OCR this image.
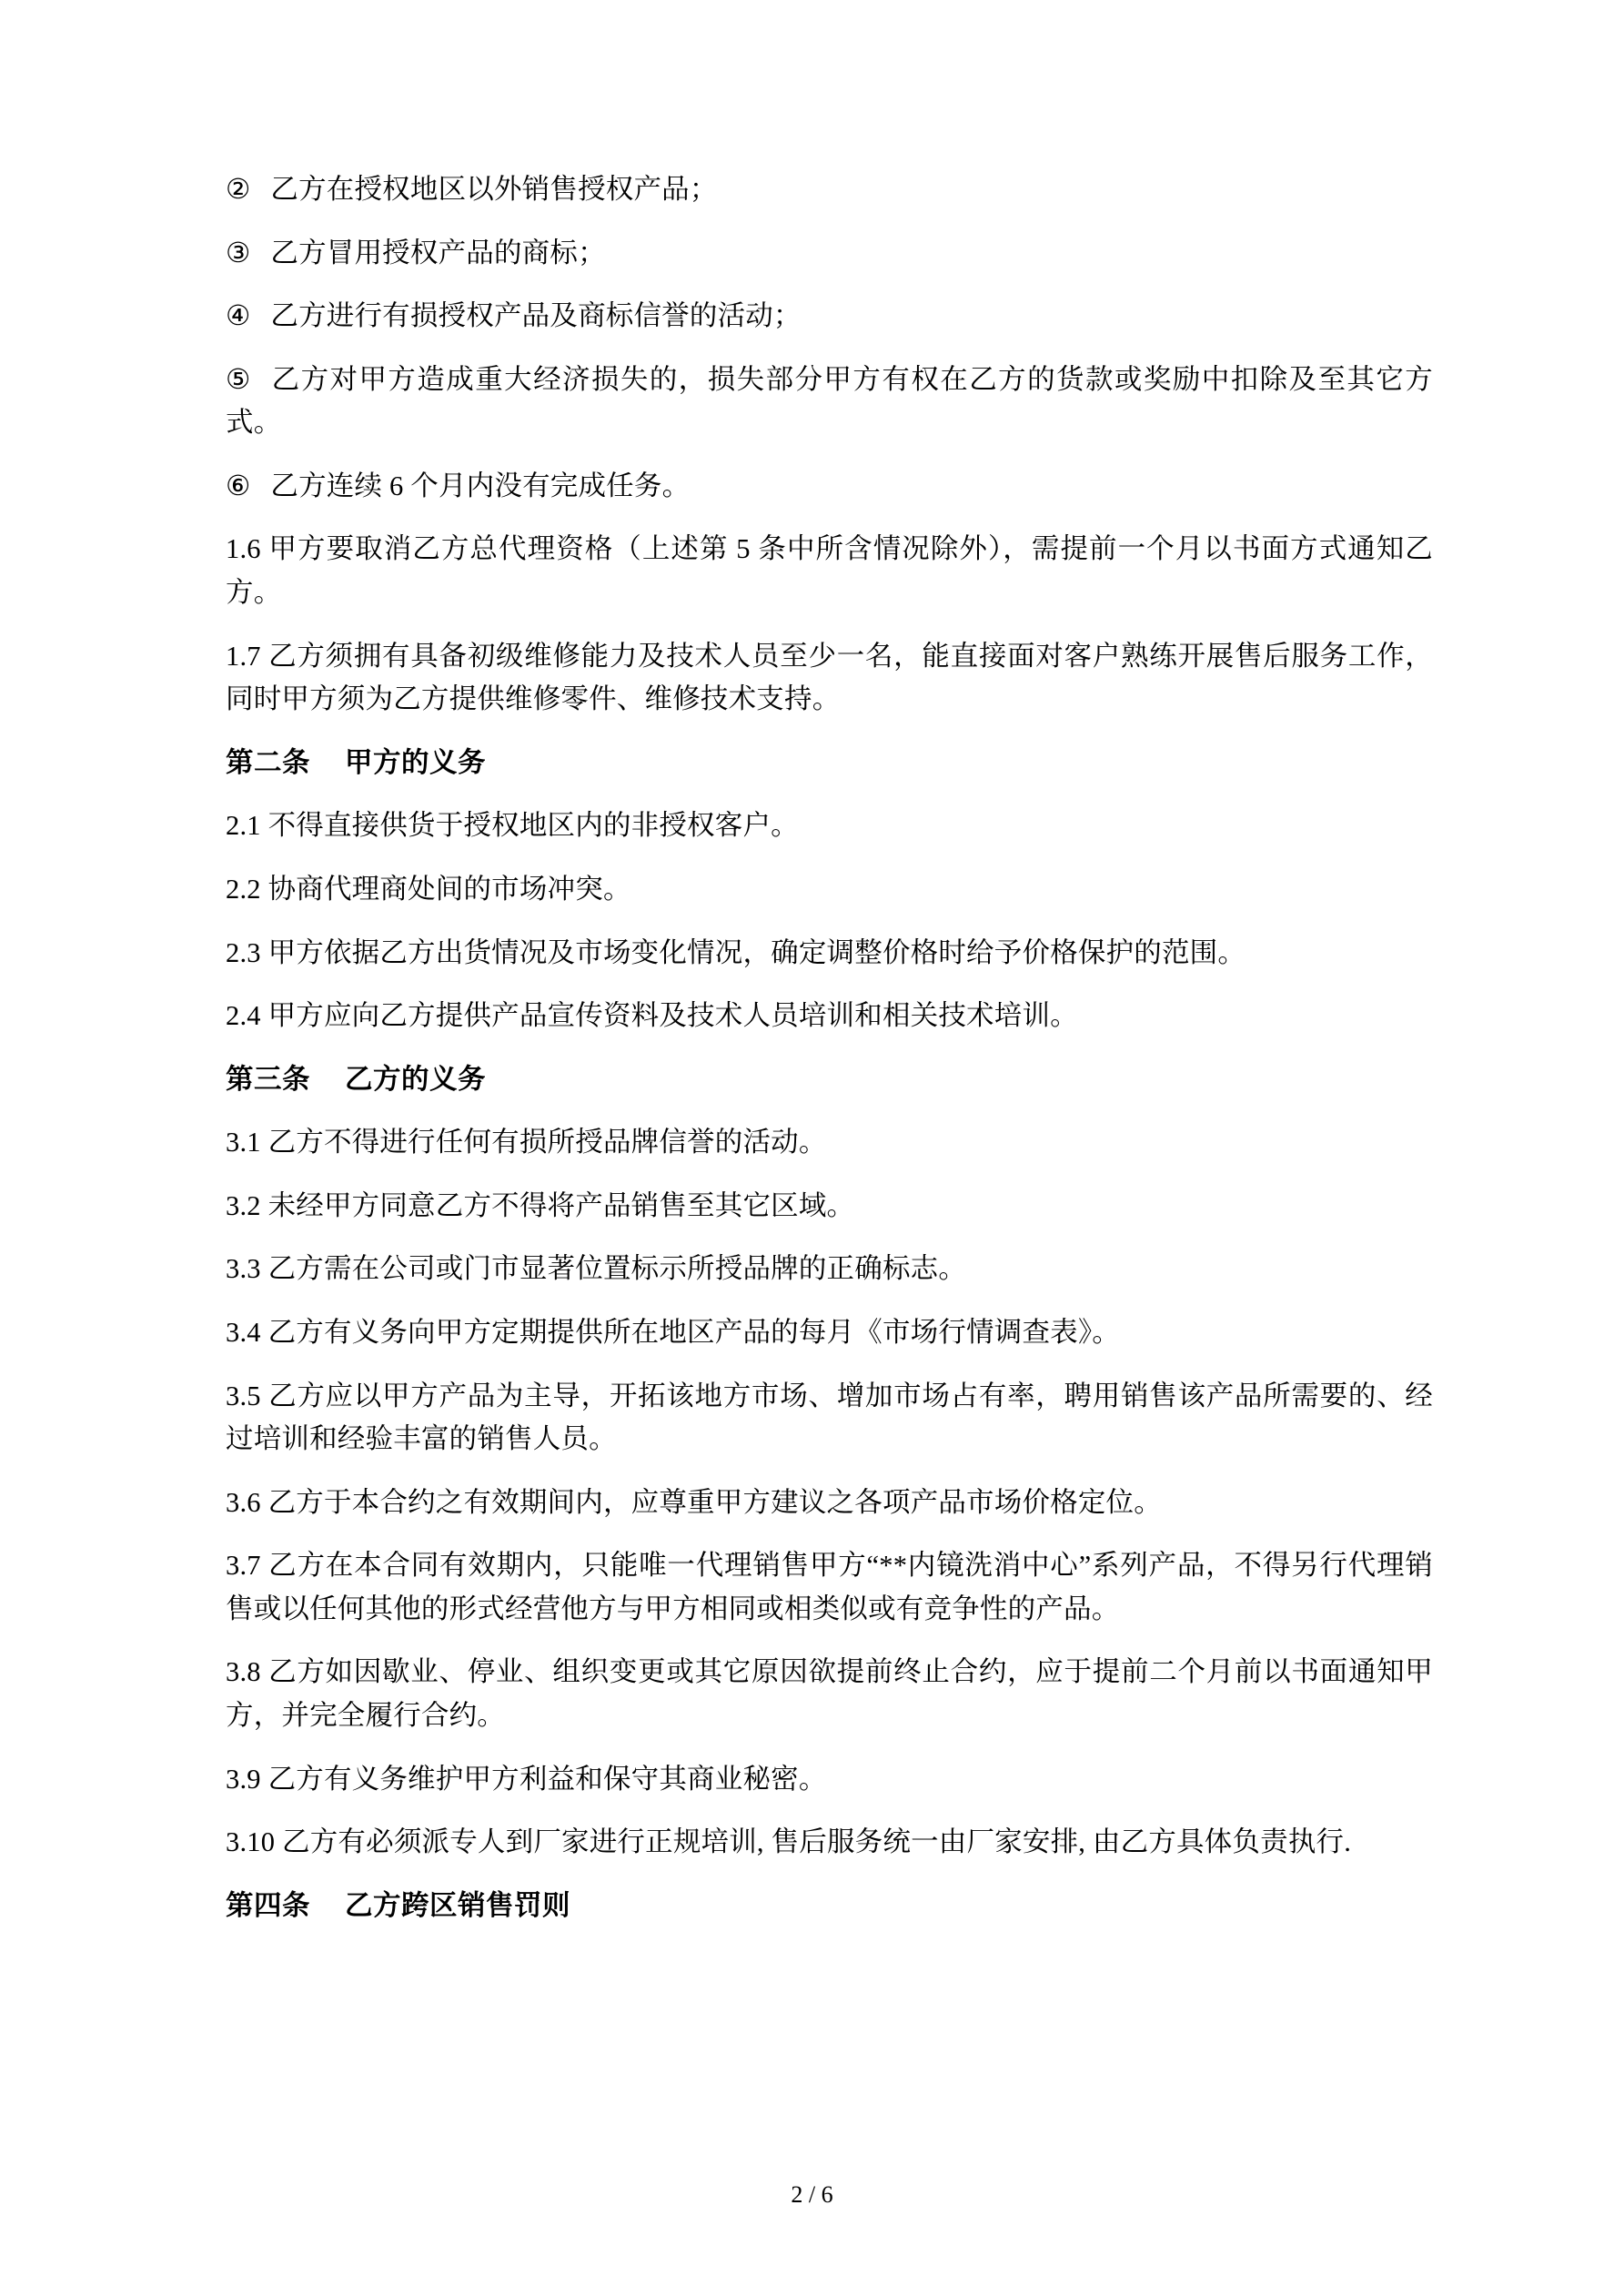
② 乙方在授权地区以外销售授权产品；

③ 乙方冒用授权产品的商标；

④ 乙方进行有损授权产品及商标信誉的活动；

⑤ 乙方对甲方造成重大经济损失的，损失部分甲方有权在乙方的货款或奖励中扣除及至其它方式。

⑥ 乙方连续 6 个月内没有完成任务。

1.6 甲方要取消乙方总代理资格（上述第 5 条中所含情况除外），需提前一个月以书面方式通知乙方。

1.7 乙方须拥有具备初级维修能力及技术人员至少一名，能直接面对客户熟练开展售后服务工作，同时甲方须为乙方提供维修零件、维修技术支持。

第二条 甲方的义务

2.1 不得直接供货于授权地区内的非授权客户。

2.2 协商代理商处间的市场冲突。

2.3 甲方依据乙方出货情况及市场变化情况，确定调整价格时给予价格保护的范围。

2.4 甲方应向乙方提供产品宣传资料及技术人员培训和相关技术培训。

第三条 乙方的义务

3.1 乙方不得进行任何有损所授品牌信誉的活动。

3.2 未经甲方同意乙方不得将产品销售至其它区域。

3.3 乙方需在公司或门市显著位置标示所授品牌的正确标志。

3.4 乙方有义务向甲方定期提供所在地区产品的每月《市场行情调查表》。

3.5 乙方应以甲方产品为主导，开拓该地方市场、增加市场占有率，聘用销售该产品所需要的、经过培训和经验丰富的销售人员。

3.6 乙方于本合约之有效期间内，应尊重甲方建议之各项产品市场价格定位。

3.7 乙方在本合同有效期内，只能唯一代理销售甲方“**内镜洗消中心”系列产品，不得另行代理销售或以任何其他的形式经营他方与甲方相同或相类似或有竞争性的产品。

3.8 乙方如因歇业、停业、组织变更或其它原因欲提前终止合约，应于提前二个月前以书面通知甲方，并完全履行合约。

3.9 乙方有义务维护甲方利益和保守其商业秘密。

3.10 乙方有必须派专人到厂家进行正规培训, 售后服务统一由厂家安排, 由乙方具体负责执行.

第四条 乙方跨区销售罚则
2 / 6
